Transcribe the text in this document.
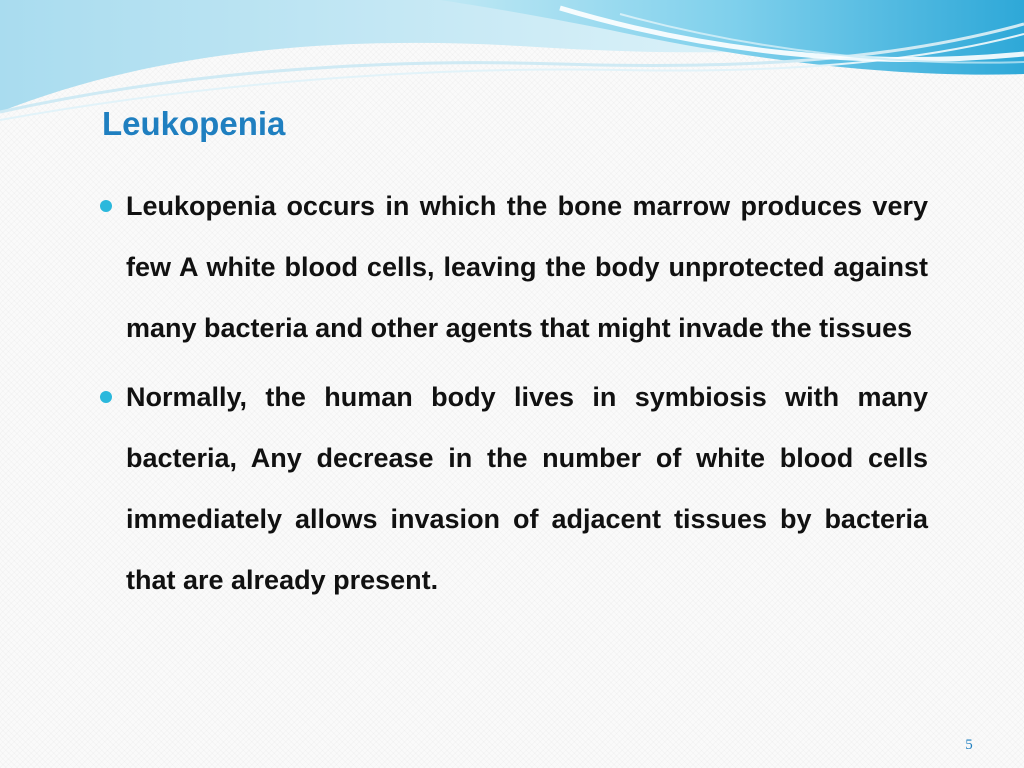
Leukopenia

Leukopenia occurs in which the bone marrow produces very few A white blood cells, leaving the body unprotected against many bacteria and other agents that might invade the tissues

Normally, the human body lives in symbiosis with many bacteria, Any decrease in the number of white blood cells immediately allows invasion of adjacent tissues by bacteria that are already present.

5
